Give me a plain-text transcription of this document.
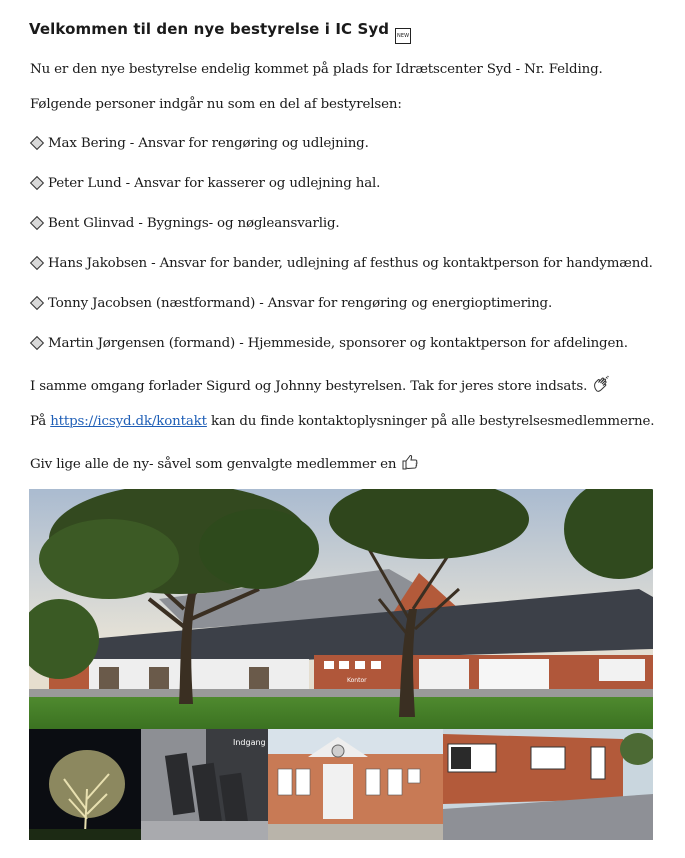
Velkommen til den nye bestyrelse i IC Syd NEW
Nu er den nye bestyrelse endelig kommet på plads for Idrætscenter Syd - Nr. Felding.
Følgende personer indgår nu som en del af bestyrelsen:
Max Bering - Ansvar for rengøring og udlejning.
Peter Lund - Ansvar for kasserer og udlejning hal.
Bent Glinvad - Bygnings- og nøgleansvarlig.
Hans Jakobsen - Ansvar for bander, udlejning af festhus og kontaktperson for handymænd.
Tonny Jacobsen (næstformand) - Ansvar for rengøring og energioptimering.
Martin Jørgensen (formand) - Hjemmeside, sponsorer og kontaktperson for afdelingen.
I samme omgang forlader Sigurd og Johnny bestyrelsen. Tak for jeres store indsats.
På https://icsyd.dk/kontakt kan du finde kontaktoplysninger på alle bestyrelsesmedlemmerne.
Giv lige alle de ny- såvel som genvalgte medlemmer en
Kontor
Indgang
